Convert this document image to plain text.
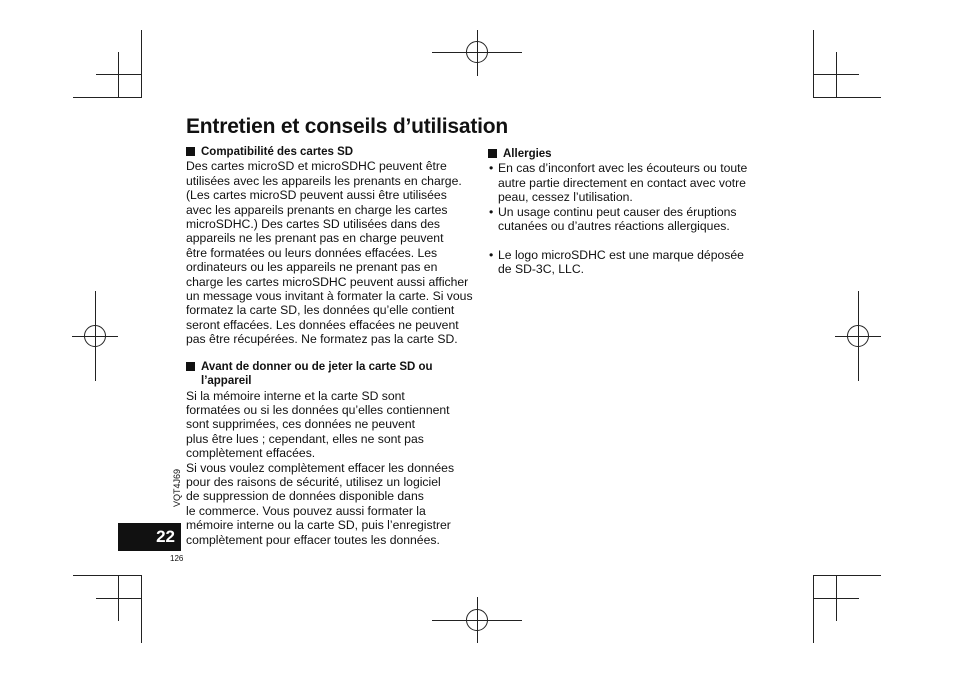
Entretien et conseils d’utilisation
Compatibilité des cartes SD

Des cartes microSD et microSDHC peuvent être

utilisées avec les appareils les prenants en charge.

(Les cartes microSD peuvent aussi être utilisées

avec les appareils prenants en charge les cartes

microSDHC.) Des cartes SD utilisées dans des

appareils ne les prenant pas en charge peuvent

être formatées ou leurs données effacées. Les

ordinateurs ou les appareils ne prenant pas en

charge les cartes microSDHC peuvent aussi afficher

un message vous invitant à formater la carte. Si vous

formatez la carte SD, les données qu’elle contient

seront effacées. Les données effacées ne peuvent

pas être récupérées. Ne formatez pas la carte SD.

Avant de donner ou de jeter la carte SD ou
l’appareil

Si la mémoire interne et la carte SD sont

formatées ou si les données qu’elles contiennent

sont supprimées, ces données ne peuvent

plus être lues ; cependant, elles ne sont pas

complètement effacées.

Si vous voulez complètement effacer les données

pour des raisons de sécurité, utilisez un logiciel

de suppression de données disponible dans

le commerce. Vous pouvez aussi formater la

mémoire interne ou la carte SD, puis l’enregistrer

complètement pour effacer toutes les données.

Allergies
• En cas d’inconfort avec les écouteurs ou toute
autre partie directement en contact avec votre
peau, cessez l’utilisation.
• Un usage continu peut causer des éruptions
cutanées ou d’autres réactions allergiques.
• Le logo microSDHC est une marque déposée
de SD-3C, LLC.
VQT4J69
22
126
